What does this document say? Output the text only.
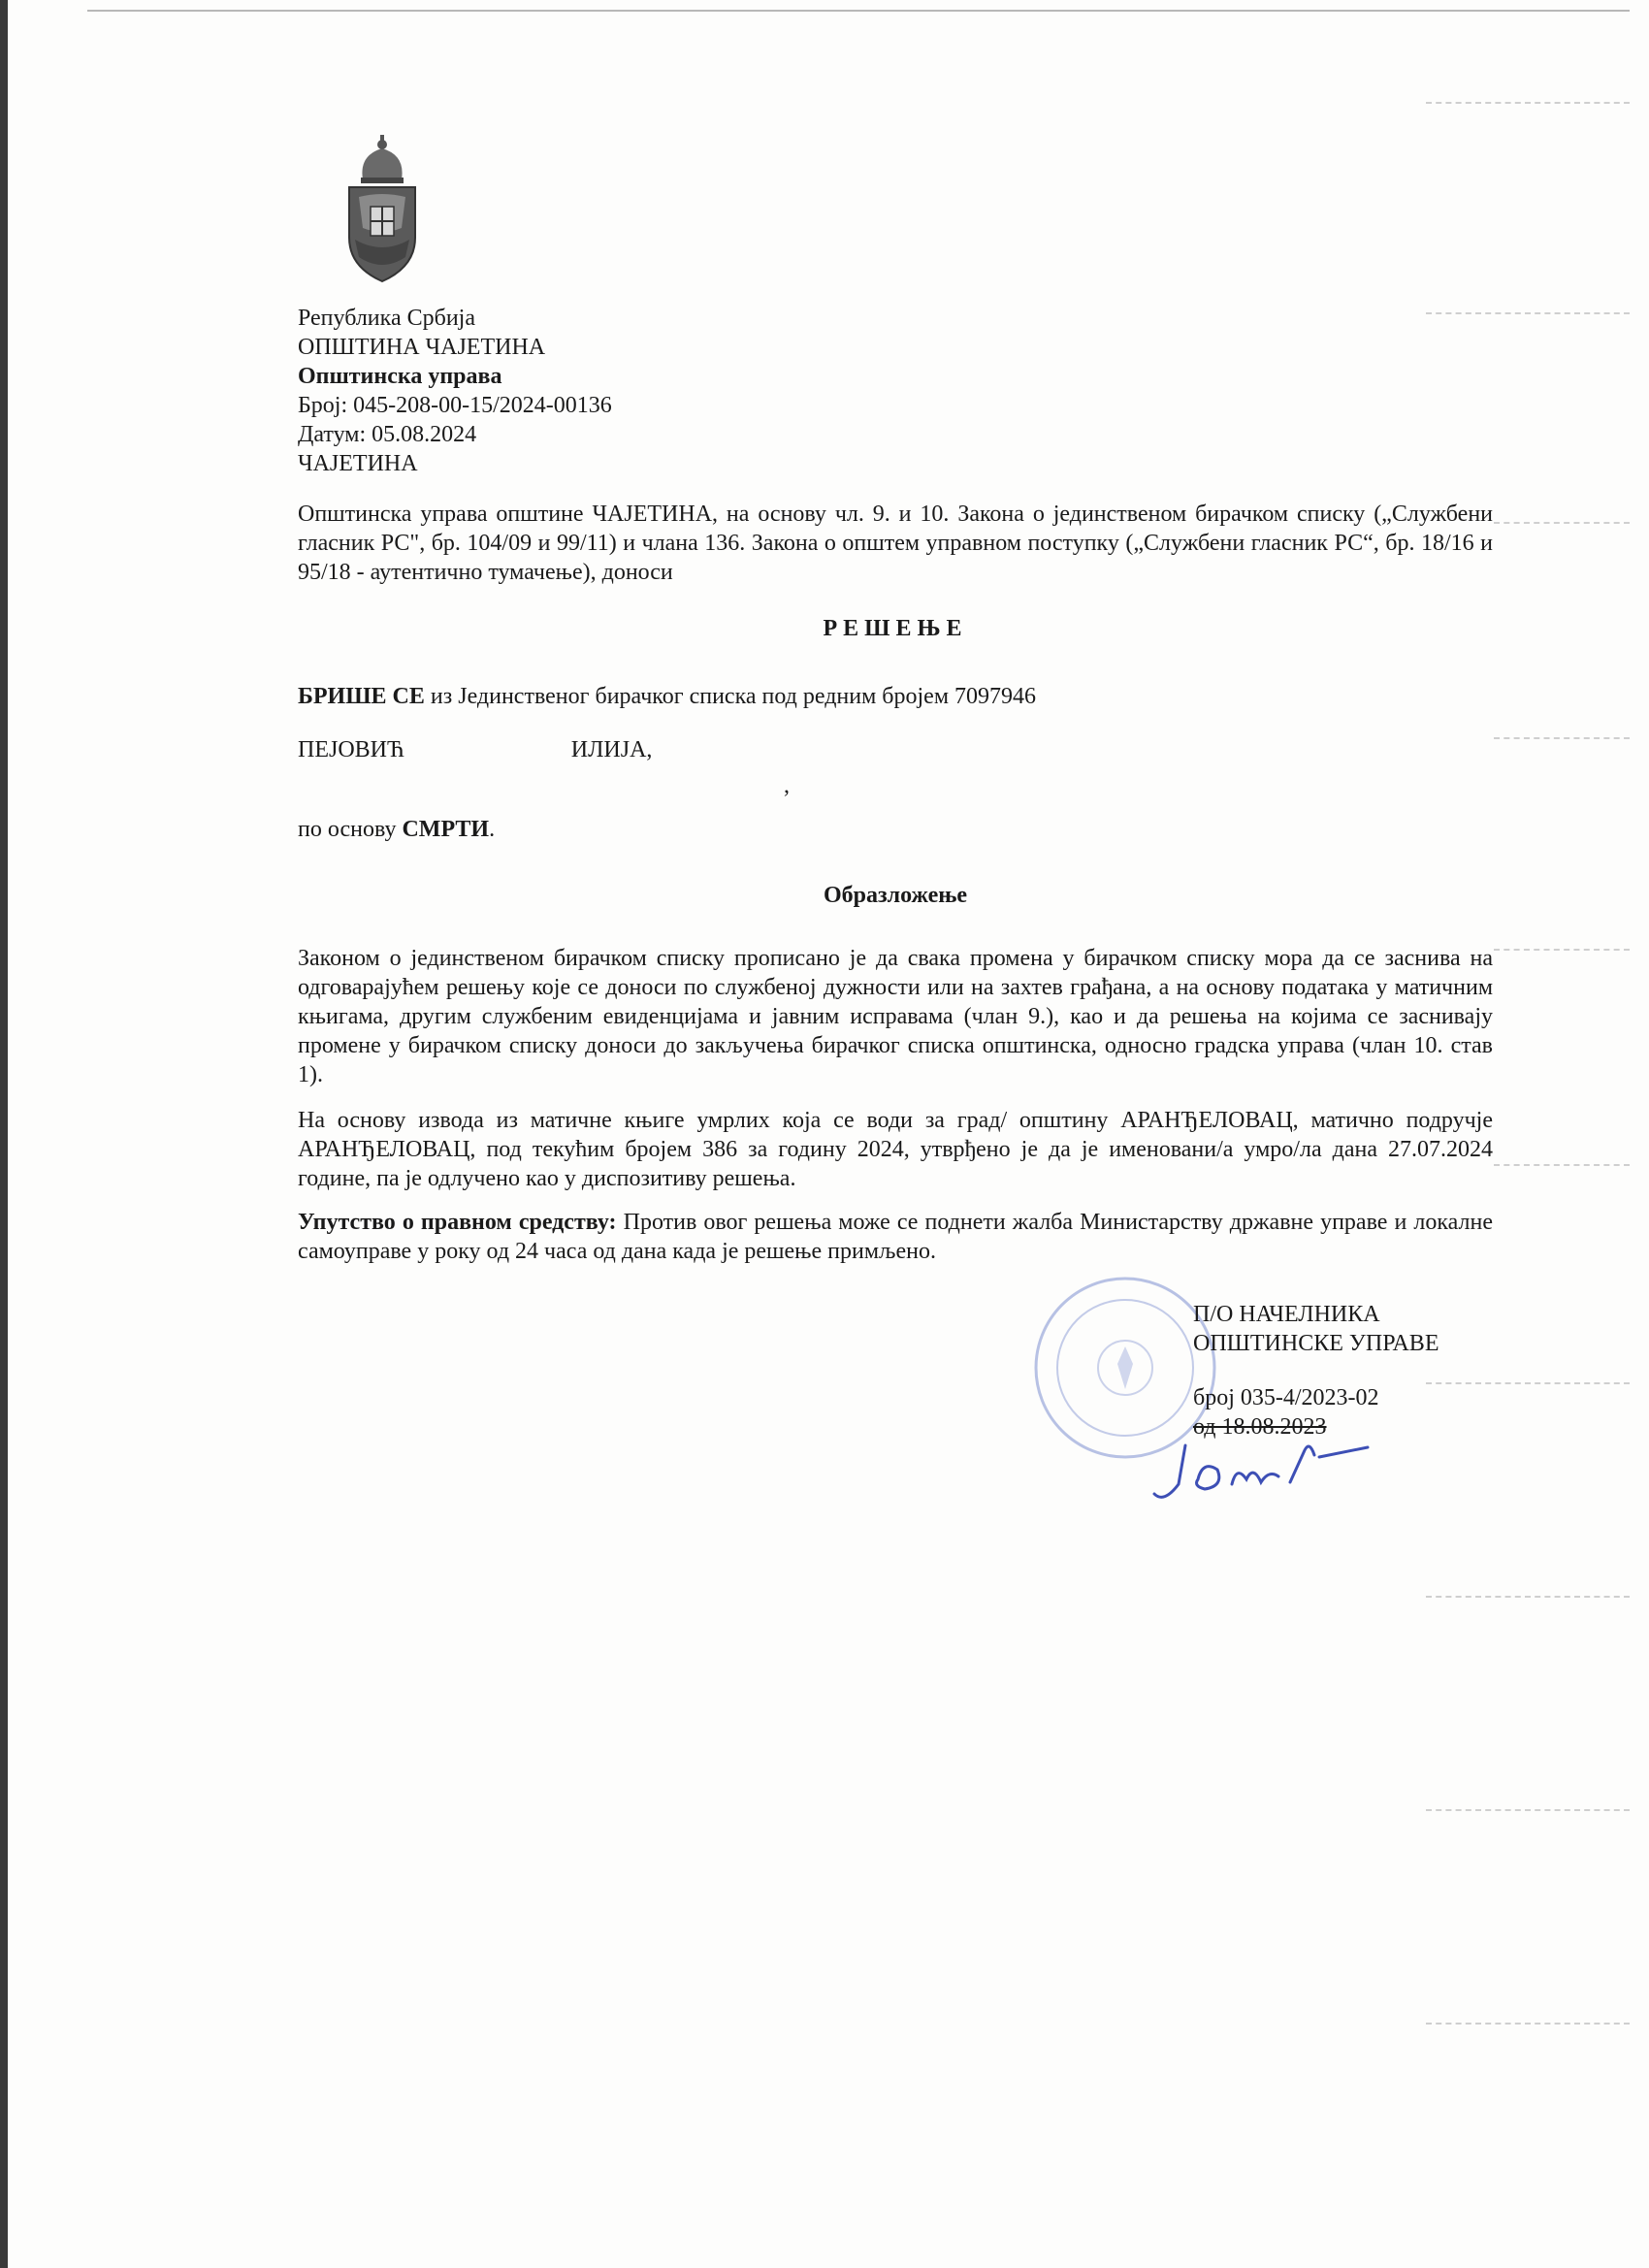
Република Србија
ОПШТИНА ЧАЈЕТИНА
Општинска управа
Број: 045-208-00-15/2024-00136
Датум: 05.08.2024
ЧАЈЕТИНА
Општинска управа општине ЧАЈЕТИНА, на основу чл. 9. и 10. Закона о јединственом бирачком списку („Службени гласник РС", бр. 104/09 и 99/11) и члана 136. Закона о општем управном поступку („Службени гласник РС“, бр. 18/16 и 95/18 - аутентично тумачење), доноси
РЕШЕЊЕ
БРИШЕ СЕ из Јединственог бирачког списка под редним бројем 7097946
ПЕЈОВИЋ	ИЛИЈА,
,
по основу СМРТИ.
Образложење
Законом о јединственом бирачком списку прописано је да свака промена у бирачком списку мора да се заснива на одговарајућем решењу које се доноси по службеној дужности или на захтев грађана, а на основу података у матичним књигама, другим службеним евиденцијама и јавним исправама (члан 9.), као и да решења на којима се заснивају промене у бирачком списку доноси до закључења бирачког списка општинска, односно градска управа (члан 10. став 1).
На основу извода из матичне књиге умрлих која се води за град/ општину АРАНЂЕЛОВАЦ, матично подручје АРАНЂЕЛОВАЦ, под текућим бројем 386 за годину 2024, утврђено је да је именовани/а умро/ла дана 27.07.2024 године, па је одлучено као у диспозитиву решења.
Упутство о правном средству: Против овог решења може се поднети жалба Министарству државне управе и локалне самоуправе у року од 24 часа од дана када је решење примљено.
П/О НАЧЕЛНИКА
ОПШТИНСКЕ УПРАВЕ
број 035-4/2023-02
од 18.08.2023
